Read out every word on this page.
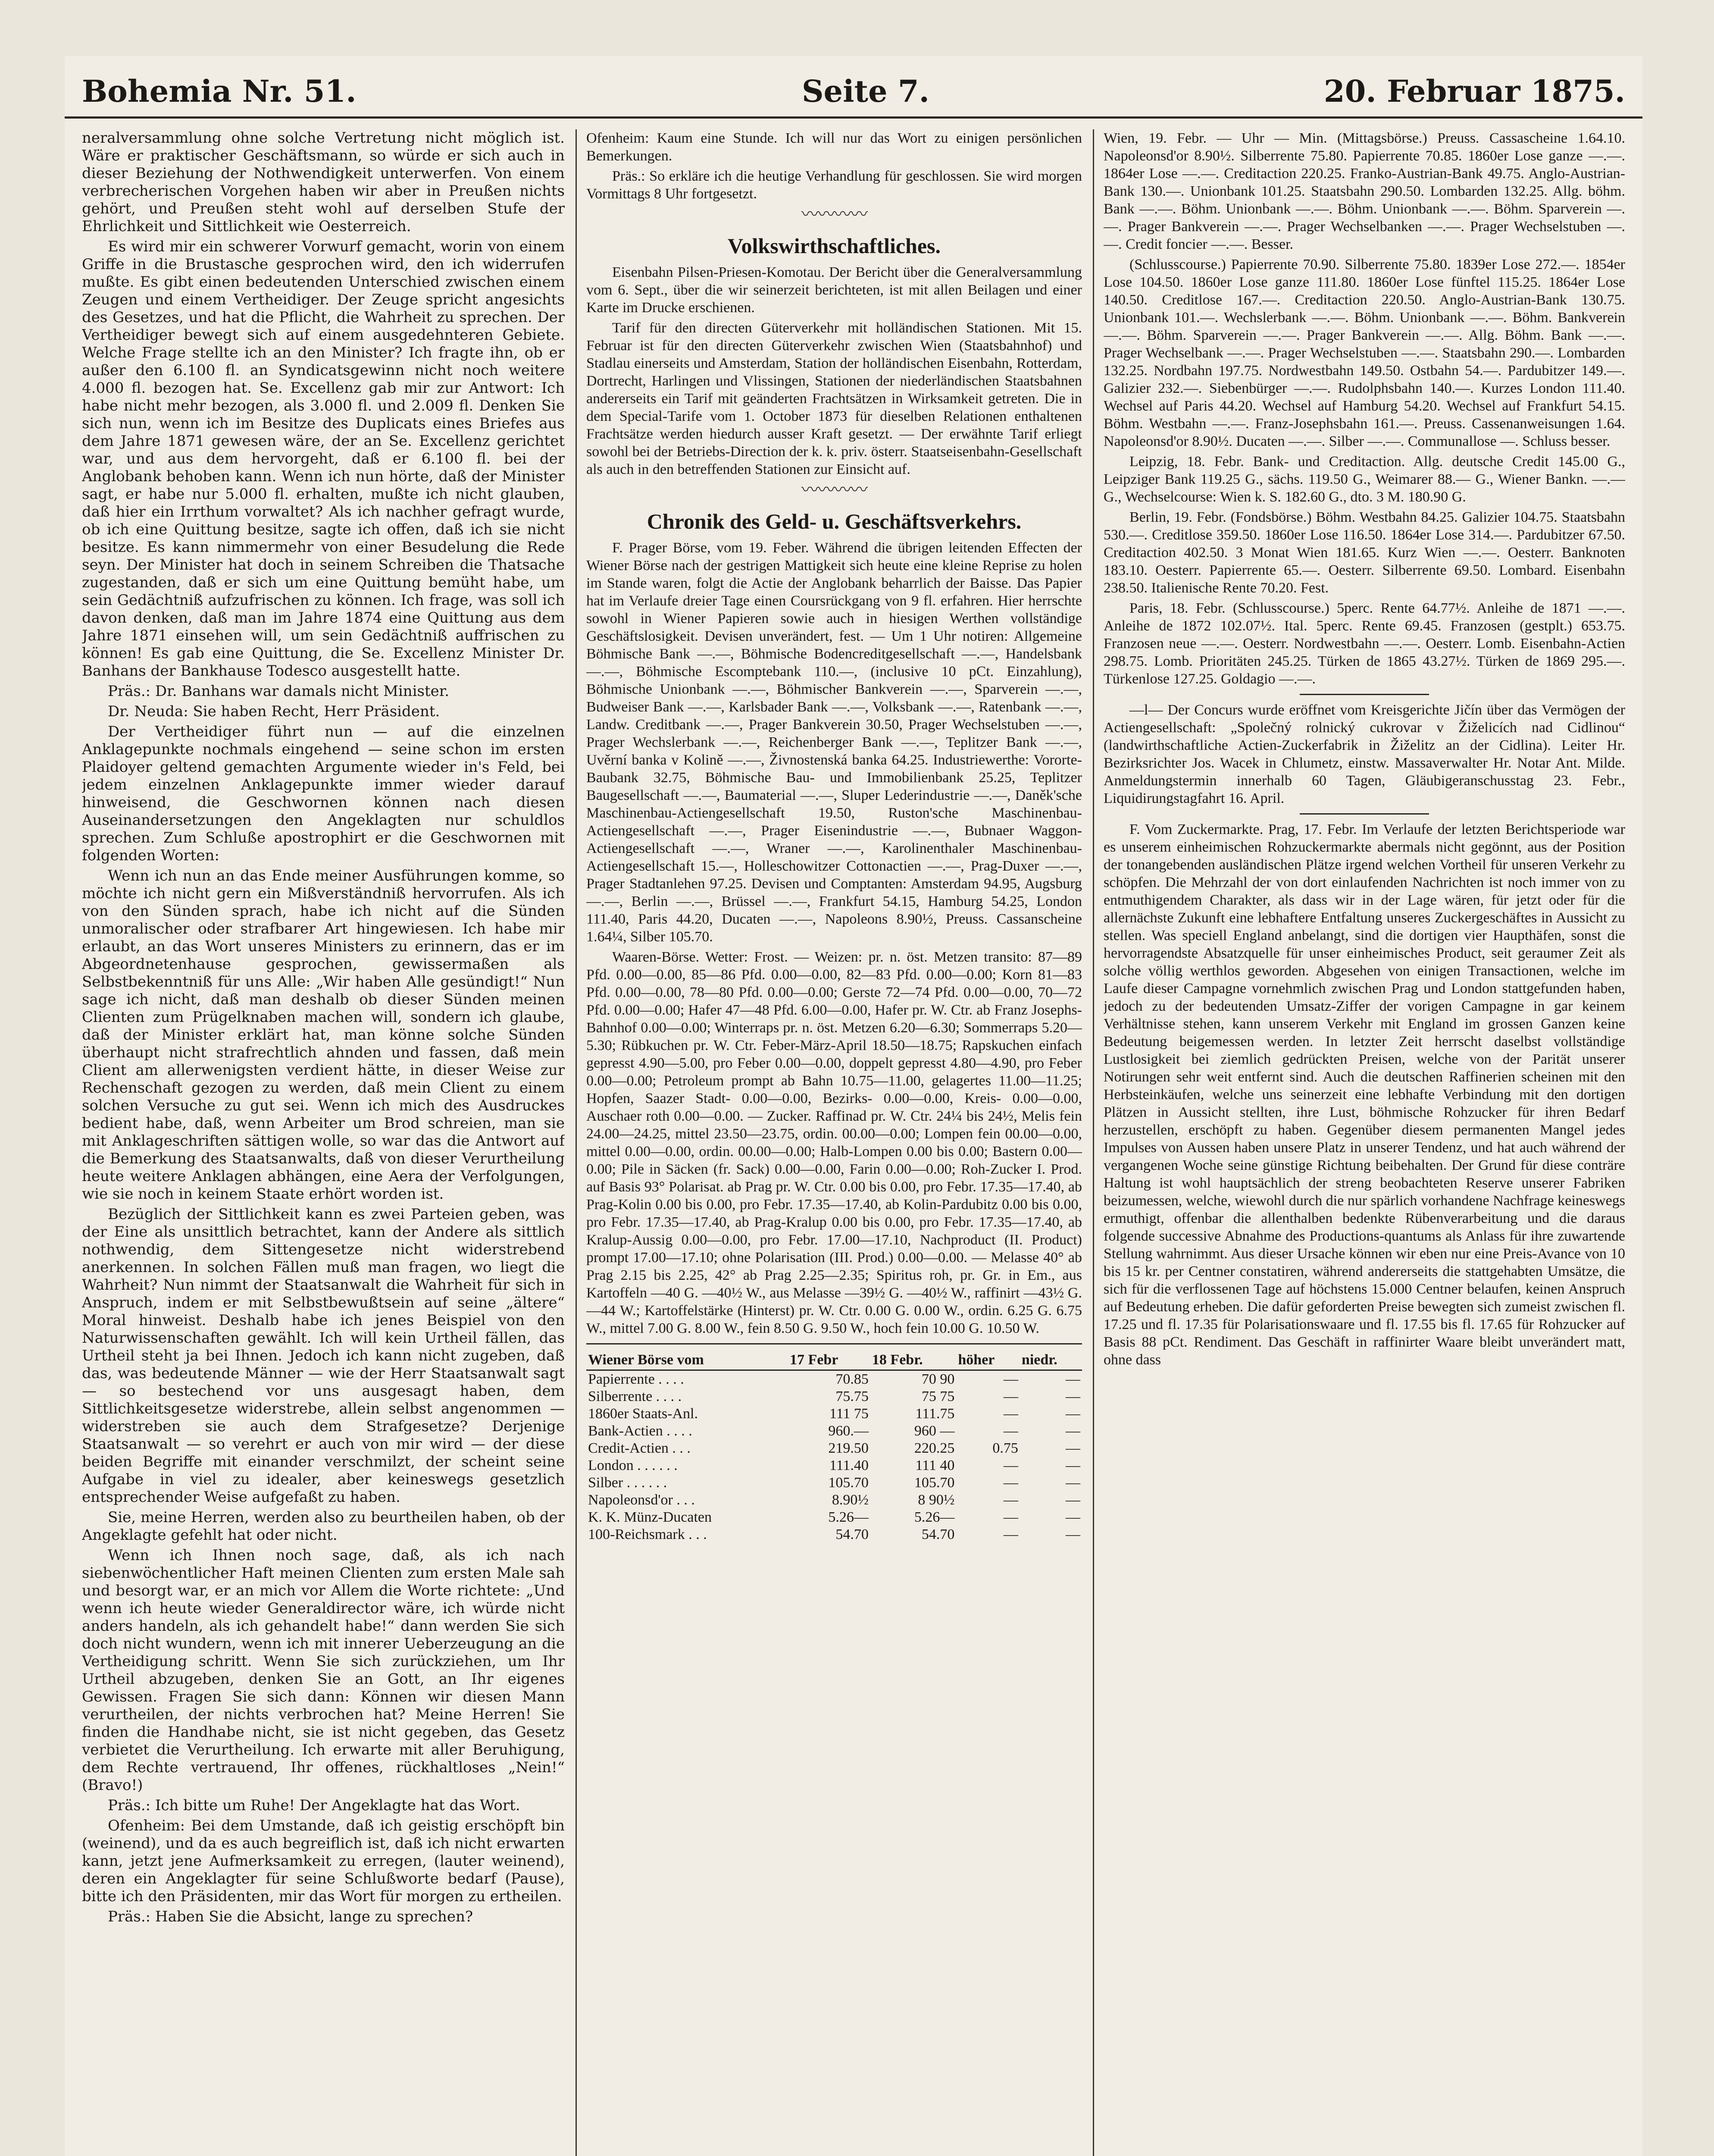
Bohemia Nr. 51.	Seite 7.	20. Februar 1875.

neralversammlung ohne solche Vertretung nicht möglich ist. Wäre er praktischer Geschäftsmann, so würde er sich auch in dieser Beziehung der Nothwendigkeit unterwerfen. Von einem verbrecherischen Vorgehen haben wir aber in Preußen nichts gehört, und Preußen steht wohl auf derselben Stufe der Ehrlichkeit und Sittlichkeit wie Oesterreich.

Es wird mir ein schwerer Vorwurf gemacht, worin von einem Griffe in die Brustasche gesprochen wird, den ich widerrufen mußte. Es gibt einen bedeutenden Unterschied zwischen einem Zeugen und einem Vertheidiger. Der Zeuge spricht angesichts des Gesetzes, und hat die Pflicht, die Wahrheit zu sprechen. Der Vertheidiger bewegt sich auf einem ausgedehnteren Gebiete. Welche Frage stellte ich an den Minister? Ich fragte ihn, ob er außer den 6.100 fl. an Syndicatsgewinn nicht noch weitere 4.000 fl. bezogen hat. Se. Excellenz gab mir zur Antwort: Ich habe nicht mehr bezogen, als 3.000 fl. und 2.009 fl. Denken Sie sich nun, wenn ich im Besitze des Duplicats eines Briefes aus dem Jahre 1871 gewesen wäre, der an Se. Excellenz gerichtet war, und aus dem hervorgeht, daß er 6.100 fl. bei der Anglobank behoben kann. Wenn ich nun hörte, daß der Minister sagt, er habe nur 5.000 fl. erhalten, mußte ich nicht glauben, daß hier ein Irrthum vorwaltet? Als ich nachher gefragt wurde, ob ich eine Quittung besitze, sagte ich offen, daß ich sie nicht besitze. Es kann nimmermehr von einer Besudelung die Rede seyn. Der Minister hat doch in seinem Schreiben die Thatsache zugestanden, daß er sich um eine Quittung bemüht habe, um sein Gedächtniß aufzufrischen zu können. Ich frage, was soll ich davon denken, daß man im Jahre 1874 eine Quittung aus dem Jahre 1871 einsehen will, um sein Gedächtniß auffrischen zu können! Es gab eine Quittung, die Se. Excellenz Minister Dr. Banhans der Bankhause Todesco ausgestellt hatte.

Präs.: Dr. Banhans war damals nicht Minister.

Dr. Neuda: Sie haben Recht, Herr Präsident.

Der Vertheidiger führt nun — auf die einzelnen Anklagepunkte nochmals eingehend — seine schon im ersten Plaidoyer geltend gemachten Argumente wieder in's Feld, bei jedem einzelnen Anklagepunkte immer wieder darauf hinweisend, die Geschwornen können nach diesen Auseinandersetzungen den Angeklagten nur schuldlos sprechen. Zum Schluße apostrophirt er die Geschwornen mit folgenden Worten:

Wenn ich nun an das Ende meiner Ausführungen komme, so möchte ich nicht gern ein Mißverständniß hervorrufen. Als ich von den Sünden sprach, habe ich nicht auf die Sünden unmoralischer oder strafbarer Art hingewiesen. Ich habe mir erlaubt, an das Wort unseres Ministers zu erinnern, das er im Abgeordnetenhause gesprochen, gewissermaßen als Selbstbekenntniß für uns Alle: „Wir haben Alle gesündigt!“ Nun sage ich nicht, daß man deshalb ob dieser Sünden meinen Clienten zum Prügelknaben machen will, sondern ich glaube, daß der Minister erklärt hat, man könne solche Sünden überhaupt nicht strafrechtlich ahnden und fassen, daß mein Client am allerwenigsten verdient hätte, in dieser Weise zur Rechenschaft gezogen zu werden, daß mein Client zu einem solchen Versuche zu gut sei. Wenn ich mich des Ausdruckes bedient habe, daß, wenn Arbeiter um Brod schreien, man sie mit Anklageschriften sättigen wolle, so war das die Antwort auf die Bemerkung des Staatsanwalts, daß von dieser Verurtheilung heute weitere Anklagen abhängen, eine Aera der Verfolgungen, wie sie noch in keinem Staate erhört worden ist.

Bezüglich der Sittlichkeit kann es zwei Parteien geben, was der Eine als unsittlich betrachtet, kann der Andere als sittlich nothwendig, dem Sittengesetze nicht widerstrebend anerkennen. In solchen Fällen muß man fragen, wo liegt die Wahrheit? Nun nimmt der Staatsanwalt die Wahrheit für sich in Anspruch, indem er mit Selbstbewußtsein auf seine „ältere“ Moral hinweist. Deshalb habe ich jenes Beispiel von den Naturwissenschaften gewählt. Ich will kein Urtheil fällen, das Urtheil steht ja bei Ihnen. Jedoch ich kann nicht zugeben, daß das, was bedeutende Männer — wie der Herr Staatsanwalt sagt — so bestechend vor uns ausgesagt haben, dem Sittlichkeitsgesetze widerstrebe, allein selbst angenommen — widerstreben sie auch dem Strafgesetze? Derjenige Staatsanwalt — so verehrt er auch von mir wird — der diese beiden Begriffe mit einander verschmilzt, der scheint seine Aufgabe in viel zu idealer, aber keineswegs gesetzlich entsprechender Weise aufgefaßt zu haben.

Sie, meine Herren, werden also zu beurtheilen haben, ob der Angeklagte gefehlt hat oder nicht.

Wenn ich Ihnen noch sage, daß, als ich nach siebenwöchentlicher Haft meinen Clienten zum ersten Male sah und besorgt war, er an mich vor Allem die Worte richtete: „Und wenn ich heute wieder Generaldirector wäre, ich würde nicht anders handeln, als ich gehandelt habe!“ dann werden Sie sich doch nicht wundern, wenn ich mit innerer Ueberzeugung an die Vertheidigung schritt. Wenn Sie sich zurückziehen, um Ihr Urtheil abzugeben, denken Sie an Gott, an Ihr eigenes Gewissen. Fragen Sie sich dann: Können wir diesen Mann verurtheilen, der nichts verbrochen hat? Meine Herren! Sie finden die Handhabe nicht, sie ist nicht gegeben, das Gesetz verbietet die Verurtheilung. Ich erwarte mit aller Beruhigung, dem Rechte vertrauend, Ihr offenes, rückhaltloses „Nein!“ (Bravo!)

Präs.: Ich bitte um Ruhe! Der Angeklagte hat das Wort.

Ofenheim: Bei dem Umstande, daß ich geistig erschöpft bin (weinend), und da es auch begreiflich ist, daß ich nicht erwarten kann, jetzt jene Aufmerksamkeit zu erregen, (lauter weinend), deren ein Angeklagter für seine Schlußworte bedarf (Pause), bitte ich den Präsidenten, mir das Wort für morgen zu ertheilen.

Präs.: Haben Sie die Absicht, lange zu sprechen?

Ofenheim: Kaum eine Stunde. Ich will nur das Wort zu einigen persönlichen Bemerkungen.

Präs.: So erkläre ich die heutige Verhandlung für geschlossen. Sie wird morgen Vormittags 8 Uhr fortgesetzt.

〰〰〰〰
Volkswirthschaftliches.

Eisenbahn Pilsen-Priesen-Komotau. Der Bericht über die Generalversammlung vom 6. Sept., über die wir seinerzeit berichteten, ist mit allen Beilagen und einer Karte im Drucke erschienen.

Tarif für den directen Güterverkehr mit holländischen Stationen. Mit 15. Februar ist für den directen Güterverkehr zwischen Wien (Staatsbahnhof) und Stadlau einerseits und Amsterdam, Station der holländischen Eisenbahn, Rotterdam, Dortrecht, Harlingen und Vlissingen, Stationen der niederländischen Staatsbahnen andererseits ein Tarif mit geänderten Frachtsätzen in Wirksamkeit getreten. Die in dem Special-Tarife vom 1. October 1873 für dieselben Relationen enthaltenen Frachtsätze werden hiedurch ausser Kraft gesetzt. — Der erwähnte Tarif erliegt sowohl bei der Betriebs-Direction der k. k. priv. österr. Staatseisenbahn-Gesellschaft als auch in den betreffenden Stationen zur Einsicht auf.

〰〰〰〰
Chronik des Geld- u. Geschäftsverkehrs.

F. Prager Börse, vom 19. Feber. Während die übrigen leitenden Effecten der Wiener Börse nach der gestrigen Mattigkeit sich heute eine kleine Reprise zu holen im Stande waren, folgt die Actie der Anglobank beharrlich der Baisse. Das Papier hat im Verlaufe dreier Tage einen Coursrückgang von 9 fl. erfahren. Hier herrschte sowohl in Wiener Papieren sowie auch in hiesigen Werthen vollständige Geschäftslosigkeit. Devisen unverändert, fest. — Um 1 Uhr notiren: Allgemeine Böhmische Bank —.—, Böhmische Bodencreditgesellschaft —.—, Handelsbank —.—, Böhmische Escomptebank 110.—, (inclusive 10 pCt. Einzahlung), Böhmische Unionbank —.—, Böhmischer Bankverein —.—, Sparverein —.—, Budweiser Bank —.—, Karlsbader Bank —.—, Volksbank —.—, Ratenbank —.—, Landw. Creditbank —.—, Prager Bankverein 30.50, Prager Wechselstuben —.—, Prager Wechslerbank —.—, Reichenberger Bank —.—, Teplitzer Bank —.—, Uvěrní banka v Kolině —.—, Živnostenská banka 64.25. Industriewerthe: Vororte-Baubank 32.75, Böhmische Bau- und Immobilienbank 25.25, Teplitzer Baugesellschaft —.—, Baumaterial —.—, Sluper Lederindustrie —.—, Daněk'sche Maschinenbau-Actiengesellschaft 19.50, Ruston'sche Maschinenbau-Actiengesellschaft —.—, Prager Eisenindustrie —.—, Bubnaer Waggon-Actiengesellschaft —.—, Wraner —.—, Karolinenthaler Maschinenbau-Actiengesellschaft 15.—, Holleschowitzer Cottonactien —.—, Prag-Duxer —.—, Prager Stadtanlehen 97.25. Devisen und Comptanten: Amsterdam 94.95, Augsburg —.—, Berlin —.—, Brüssel —.—, Frankfurt 54.15, Hamburg 54.25, London 111.40, Paris 44.20, Ducaten —.—, Napoleons 8.90½, Preuss. Cassanscheine 1.64¼, Silber 105.70.

Waaren-Börse. Wetter: Frost. — Weizen: pr. n. öst. Metzen transito: 87—89 Pfd. 0.00—0.00, 85—86 Pfd. 0.00—0.00, 82—83 Pfd. 0.00—0.00; Korn 81—83 Pfd. 0.00—0.00, 78—80 Pfd. 0.00—0.00; Gerste 72—74 Pfd. 0.00—0.00, 70—72 Pfd. 0.00—0.00; Hafer 47—48 Pfd. 6.00—0.00, Hafer pr. W. Ctr. ab Franz Josephs-Bahnhof 0.00—0.00; Winterraps pr. n. öst. Metzen 6.20—6.30; Sommerraps 5.20—5.30; Rübkuchen pr. W. Ctr. Feber-März-April 18.50—18.75; Rapskuchen einfach gepresst 4.90—5.00, pro Feber 0.00—0.00, doppelt gepresst 4.80—4.90, pro Feber 0.00—0.00; Petroleum prompt ab Bahn 10.75—11.00, gelagertes 11.00—11.25; Hopfen, Saazer Stadt- 0.00—0.00, Bezirks- 0.00—0.00, Kreis- 0.00—0.00, Auschaer roth 0.00—0.00. — Zucker. Raffinad pr. W. Ctr. 24¼ bis 24½, Melis fein 24.00—24.25, mittel 23.50—23.75, ordin. 00.00—0.00; Lompen fein 00.00—0.00, mittel 0.00—0.00, ordin. 00.00—0.00; Halb-Lompen 0.00 bis 0.00; Bastern 0.00—0.00; Pile in Säcken (fr. Sack) 0.00—0.00, Farin 0.00—0.00; Roh-Zucker I. Prod. auf Basis 93° Polarisat. ab Prag pr. W. Ctr. 0.00 bis 0.00, pro Febr. 17.35—17.40, ab Prag-Kolin 0.00 bis 0.00, pro Febr. 17.35—17.40, ab Kolin-Pardubitz 0.00 bis 0.00, pro Febr. 17.35—17.40, ab Prag-Kralup 0.00 bis 0.00, pro Febr. 17.35—17.40, ab Kralup-Aussig 0.00—0.00, pro Febr. 17.00—17.10, Nachproduct (II. Product) prompt 17.00—17.10; ohne Polarisation (III. Prod.) 0.00—0.00. — Melasse 40° ab Prag 2.15 bis 2.25, 42° ab Prag 2.25—2.35; Spiritus roh, pr. Gr. in Em., aus Kartoffeln —40 G. —40½ W., aus Melasse —39½ G. —40½ W., raffinirt —43½ G. —44 W.; Kartoffelstärke (Hinterst) pr. W. Ctr. 0.00 G. 0.00 W., ordin. 6.25 G. 6.75 W., mittel 7.00 G. 8.00 W., fein 8.50 G. 9.50 W., hoch fein 10.00 G. 10.50 W.

Wiener Börse vom	17 Febr	18 Febr.	höher	niedr.
Papierrente . . . .	70.85	70 90	—	—
Silberrente . . . .	75.75	75 75	—	—
1860er Staats-Anl.	111 75	111.75	—	—
Bank-Actien . . . .	960.—	960 —	—	—
Credit-Actien . . .	219.50	220.25	0.75	—
London . . . . . .	111.40	111 40	—	—
Silber . . . . . .	105.70	105.70	—	—
Napoleonsd'or . . .	8.90½	8 90½	—	—
K. K. Münz-Ducaten	5.26—	5.26—	—	—
100-Reichsmark . . .	54.70	54.70	—	—

Wien, 19. Febr. — Uhr — Min. (Mittagsbörse.) Preuss. Cassascheine 1.64.10. Napoleonsd'or 8.90½. Silberrente 75.80. Papierrente 70.85. 1860er Lose ganze —.—. 1864er Lose —.—. Creditaction 220.25. Franko-Austrian-Bank 49.75. Anglo-Austrian-Bank 130.—. Unionbank 101.25. Staatsbahn 290.50. Lombarden 132.25. Allg. böhm. Bank —.—. Böhm. Unionbank —.—. Böhm. Unionbank —.—. Böhm. Sparverein —.—. Prager Bankverein —.—. Prager Wechselbanken —.—. Prager Wechselstuben —.—. Credit foncier —.—. Besser.

(Schlusscourse.) Papierrente 70.90. Silberrente 75.80. 1839er Lose 272.—. 1854er Lose 104.50. 1860er Lose ganze 111.80. 1860er Lose fünftel 115.25. 1864er Lose 140.50. Creditlose 167.—. Creditaction 220.50. Anglo-Austrian-Bank 130.75. Unionbank 101.—. Wechslerbank —.—. Böhm. Unionbank —.—. Böhm. Bankverein —.—. Böhm. Sparverein —.—. Prager Bankverein —.—. Allg. Böhm. Bank —.—. Prager Wechselbank —.—. Prager Wechselstuben —.—. Staatsbahn 290.—. Lombarden 132.25. Nordbahn 197.75. Nordwestbahn 149.50. Ostbahn 54.—. Pardubitzer 149.—. Galizier 232.—. Siebenbürger —.—. Rudolphsbahn 140.—. Kurzes London 111.40. Wechsel auf Paris 44.20. Wechsel auf Hamburg 54.20. Wechsel auf Frankfurt 54.15. Böhm. Westbahn —.—. Franz-Josephsbahn 161.—. Preuss. Cassenanweisungen 1.64. Napoleonsd'or 8.90½. Ducaten —.—. Silber —.—. Communallose —. Schluss besser.

Leipzig, 18. Febr. Bank- und Creditaction. Allg. deutsche Credit 145.00 G., Leipziger Bank 119.25 G., sächs. 119.50 G., Weimarer 88.— G., Wiener Bankn. —.— G., Wechselcourse: Wien k. S. 182.60 G., dto. 3 M. 180.90 G.

Berlin, 19. Febr. (Fondsbörse.) Böhm. Westbahn 84.25. Galizier 104.75. Staatsbahn 530.—. Creditlose 359.50. 1860er Lose 116.50. 1864er Lose 314.—. Pardubitzer 67.50. Creditaction 402.50. 3 Monat Wien 181.65. Kurz Wien —.—. Oesterr. Banknoten 183.10. Oesterr. Papierrente 65.—. Oesterr. Silberrente 69.50. Lombard. Eisenbahn 238.50. Italienische Rente 70.20. Fest.

Paris, 18. Febr. (Schlusscourse.) 5perc. Rente 64.77½. Anleihe de 1871 —.—. Anleihe de 1872 102.07½. Ital. 5perc. Rente 69.45. Franzosen (gestplt.) 653.75. Franzosen neue —.—. Oesterr. Nordwestbahn —.—. Oesterr. Lomb. Eisenbahn-Actien 298.75. Lomb. Prioritäten 245.25. Türken de 1865 43.27½. Türken de 1869 295.—. Türkenlose 127.25. Goldagio —.—.

—l— Der Concurs wurde eröffnet vom Kreisgerichte Jičín über das Vermögen der Actiengesellschaft: „Společný rolnický cukrovar v Žiželicích nad Cidlinou“ (landwirthschaftliche Actien-Zuckerfabrik in Žiželitz an der Cidlina). Leiter Hr. Bezirksrichter Jos. Wacek in Chlumetz, einstw. Massaverwalter Hr. Notar Ant. Milde. Anmeldungstermin innerhalb 60 Tagen, Gläubigeranschusstag 23. Febr., Liquidirungstagfahrt 16. April.

F. Vom Zuckermarkte. Prag, 17. Febr. Im Verlaufe der letzten Berichtsperiode war es unserem einheimischen Rohzuckermarkte abermals nicht gegönnt, aus der Position der tonangebenden ausländischen Plätze irgend welchen Vortheil für unseren Verkehr zu schöpfen. Die Mehrzahl der von dort einlaufenden Nachrichten ist noch immer von zu entmuthigendem Charakter, als dass wir in der Lage wären, für jetzt oder für die allernächste Zukunft eine lebhaftere Entfaltung unseres Zuckergeschäftes in Aussicht zu stellen. Was speciell England anbelangt, sind die dortigen vier Haupthäfen, sonst die hervorragendste Absatzquelle für unser einheimisches Product, seit geraumer Zeit als solche völlig werthlos geworden. Abgesehen von einigen Transactionen, welche im Laufe dieser Campagne vornehmlich zwischen Prag und London stattgefunden haben, jedoch zu der bedeutenden Umsatz-Ziffer der vorigen Campagne in gar keinem Verhältnisse stehen, kann unserem Verkehr mit England im grossen Ganzen keine Bedeutung beigemessen werden. In letzter Zeit herrscht daselbst vollständige Lustlosigkeit bei ziemlich gedrückten Preisen, welche von der Parität unserer Notirungen sehr weit entfernt sind. Auch die deutschen Raffinerien scheinen mit den Herbsteinkäufen, welche uns seinerzeit eine lebhafte Verbindung mit den dortigen Plätzen in Aussicht stellten, ihre Lust, böhmische Rohzucker für ihren Bedarf herzustellen, erschöpft zu haben. Gegenüber diesem permanenten Mangel jedes Impulses von Aussen haben unsere Platz in unserer Tendenz, und hat auch während der vergangenen Woche seine günstige Richtung beibehalten. Der Grund für diese conträre Haltung ist wohl hauptsächlich der streng beobachteten Reserve unserer Fabriken beizumessen, welche, wiewohl durch die nur spärlich vorhandene Nachfrage keineswegs ermuthigt, offenbar die allenthalben bedenkte Rübenverarbeitung und die daraus folgende successive Abnahme des Productions-quantums als Anlass für ihre zuwartende Stellung wahrnimmt. Aus dieser Ursache können wir eben nur eine Preis-Avance von 10 bis 15 kr. per Centner constatiren, während andererseits die stattgehabten Umsätze, die sich für die verflossenen Tage auf höchstens 15.000 Centner belaufen, keinen Anspruch auf Bedeutung erheben. Die dafür geforderten Preise bewegten sich zumeist zwischen fl. 17.25 und fl. 17.35 für Polarisationswaare und fl. 17.55 bis fl. 17.65 für Rohzucker auf Basis 88 pCt. Rendiment. Das Geschäft in raffinirter Waare bleibt unverändert matt, ohne dass
